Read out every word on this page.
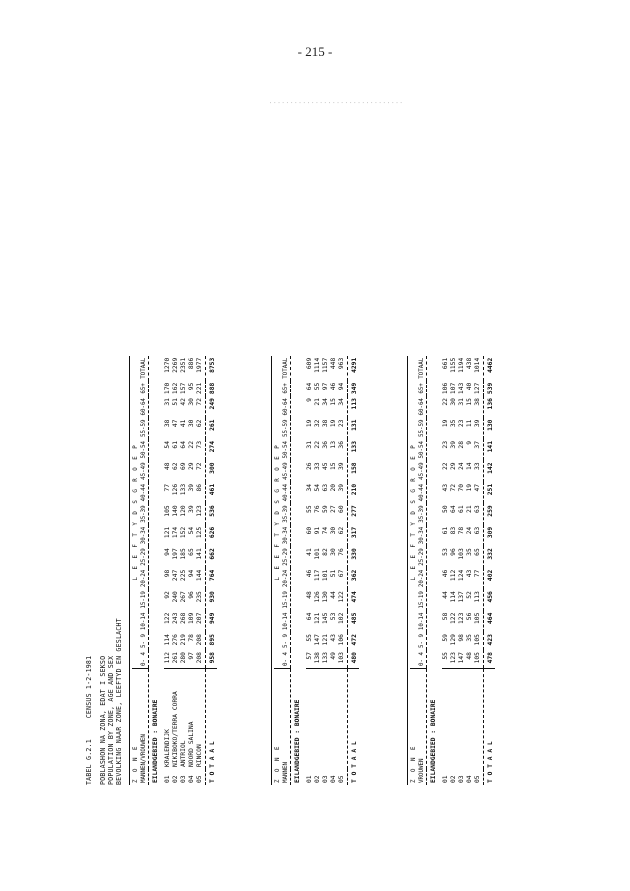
- 215 -
................................
TABEL G.2.1     CENSUS 1-2-1981 POBLASHON NA ZONA, EDAT I SEKSO POPULATION BY ZONE, AGE AND SEX BEVOLKING NAAR ZONE, LEEFTYD EN GESLACHT Z O N E		L E E F T Y D S G R O E P														
MANNEN/VROUWEN		0- 4	5- 9	10-14	15-19	20-24	25-29	30-34	35-39	40-44	45-49	50-54	55-59	60-64	65+	TOTAAL
EILANDGEBIED : BONAIRE																
01	KRALENDIJK		112	114	122	92	98	94	121	105	77	48	54	38	31	170	1270
02	NIKIBOKO/TERRA CORRA		261	276	243	240	247	197	174	140	126	62	61	47	51	162	2269
03	ANTRIOL		280	219	268	267	225	185	152	120	133	69	64	41	42	157	2351
04	NOORD SALINA		97	78	109	96	94	65	54	39	39	29	22	30	30	95	886
05	RINCON		208	208	207	235	144	141	125	123	86	72	73	62	72	221	1977
T O T A A L		958	895	949	930	764	662	626	536	461	300	274	261	249	888	8753

Z O N E		L E E F T Y D S G R O E P														
MANNEN		0- 4	5- 9	10-14	15-19	20-24	25-29	30-34	35-39	40-44	45-49	50-54	55-59	60-64	65+	TOTAAL
EILANDGEBIED : BONAIRE																
01			57	55	64	48	46	41	60	55	34	26	31	19	9	64	609
02			138	147	121	126	117	101	91	76	54	33	22	32	21	55	1114
03			133	121	145	130	101	82	74	59	63	45	36	38	34	97	1157
04			49	43	53	44	51	30	30	27	20	15	13	19	15	46	448
05			103	106	102	122	67	76	62	60	39	39	36	23	34	94	963
T O T A A L		480	472	485	474	362	330	317	277	210	158	133	131	113	349	4291

Z O N E		L E E F T Y D S G R O E P														
VROUWEN		0- 4	5- 9	10-14	15-19	20-24	25-29	30-34	35-39	40-44	45-49	50-54	55-59	60-64	65+	TOTAAL
EILANDGEBIED : BONAIRE																
01			55	59	58	44	46	53	61	50	43	22	23	19	22	106	661
02			123	129	122	114	112	96	83	64	72	29	39	35	30	107	1155
03			147	98	123	137	124	103	78	61	70	24	28	23	31	143	1194
04			48	35	56	52	43	35	24	21	19	14	9	11	15	40	438
05			105	105	105	113	77	65	63	63	47	33	37	39	38	127	1014
T O T A A L		478	423	464	456	402	332	309	259	251	142	141	130	136	539	4462
